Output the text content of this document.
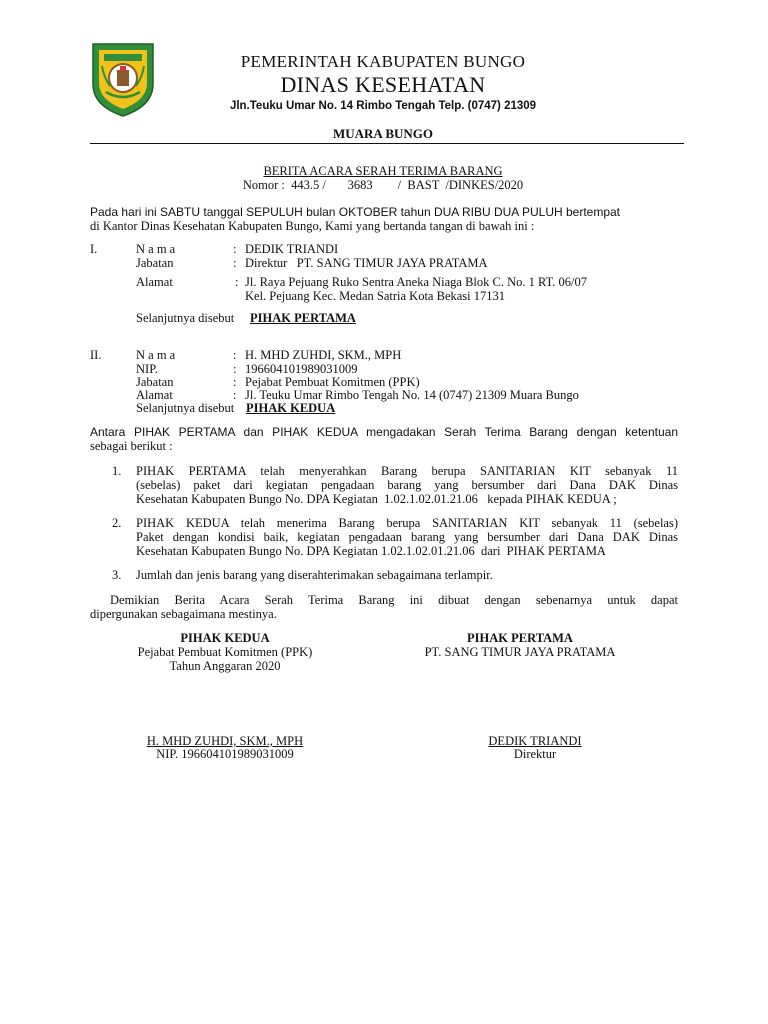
PEMERINTAH KABUPATEN BUNGO
DINAS KESEHATAN
Jln.Teuku Umar No. 14 Rimbo Tengah Telp. (0747) 21309
MUARA BUNGO
BERITA ACARA SERAH TERIMA BARANG
Nomor :  443.5 /       3683        /  BAST  /DINKES/2020
Pada hari ini SABTU tanggal SEPULUH bulan OKTOBER tahun DUA RIBU DUA PULUH bertempat
di Kantor Dinas Kesehatan Kabupaten Bungo, Kami yang bertanda tangan di bawah ini :
I.	N a m a	: DEDIK TRIANDI
Jabatan	: Direktur   PT. SANG TIMUR JAYA PRATAMA
Alamat	: Jl. Raya Pejuang Ruko Sentra Aneka Niaga Blok C. No. 1 RT. 06/07
Kel. Pejuang Kec. Medan Satria Kota Bekasi 17131
Selanjutnya disebut PIHAK PERTAMA
II.	N a m a	: H. MHD ZUHDI, SKM., MPH
NIP.	: 196604101989031009
Jabatan	: Pejabat Pembuat Komitmen (PPK)
Alamat	: Jl. Teuku Umar Rimbo Tengah No. 14 (0747) 21309 Muara Bungo
Selanjutnya disebut PIHAK KEDUA
Antara PIHAK PERTAMA dan PIHAK KEDUA mengadakan Serah Terima Barang dengan ketentuan
sebagai berikut :
1. PIHAK PERTAMA telah menyerahkan Barang berupa SANITARIAN KIT sebanyak 11
(sebelas) paket dari kegiatan pengadaan barang yang bersumber dari Dana DAK Dinas
Kesehatan Kabupaten Bungo No. DPA Kegiatan  1.02.1.02.01.21.06   kepada PIHAK KEDUA ;
2. PIHAK KEDUA telah menerima Barang berupa SANITARIAN KIT sebanyak 11 (sebelas)
Paket dengan kondisi baik, kegiatan pengadaan barang yang bersumber dari Dana DAK Dinas
Kesehatan Kabupaten Bungo No. DPA Kegiatan 1.02.1.02.01.21.06  dari  PIHAK PERTAMA
3. Jumlah dan jenis barang yang diserahterimakan sebagaimana terlampir.
Demikian Berita Acara Serah Terima Barang ini dibuat dengan sebenarnya untuk dapat
dipergunakan sebagaimana mestinya.
PIHAK KEDUA
Pejabat Pembuat Komitmen (PPK)
Tahun Anggaran 2020
H. MHD ZUHDI, SKM., MPH
NIP. 196604101989031009
PIHAK PERTAMA
PT. SANG TIMUR JAYA PRATAMA
DEDIK TRIANDI
Direktur
